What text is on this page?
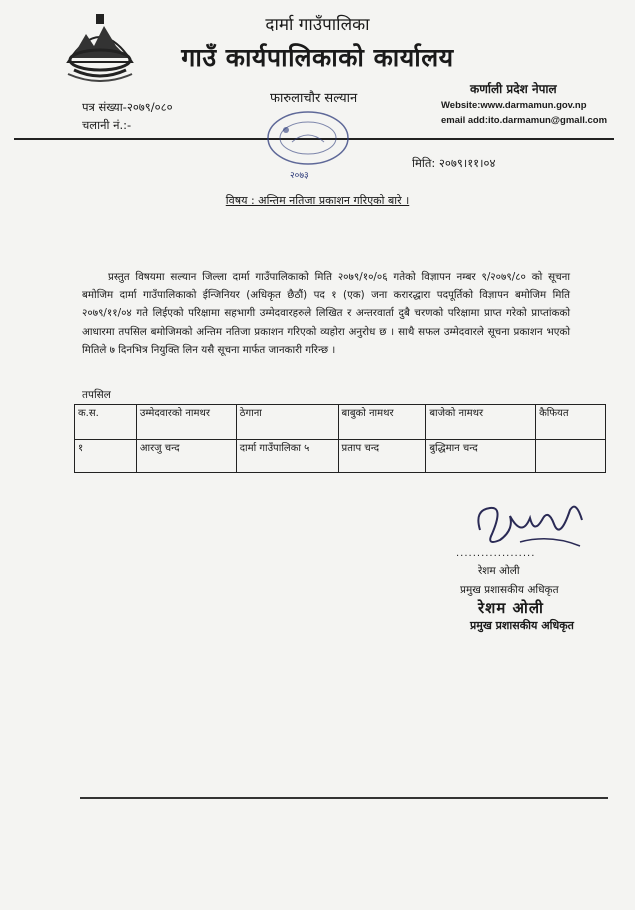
दार्मा गाउँपालिका
गाउँ कार्यपालिकाको कार्यालय
कर्णाली प्रदेश नेपाल
Website:www.darmamun.gov.np
email add:ito.darmamun@gmall.com
फारुलाचौर सल्यान
पत्र संख्या-२०७९/०८०
चलानी नं.:-
२०७३
मिति: २०७९।११।०४
विषय : अन्तिम नतिजा प्रकाशन गरिएको बारे ।
प्रस्तुत विषयमा सल्यान जिल्ला दार्मा गाउँपालिकाको मिति २०७९/१०/०६ गतेको विज्ञापन नम्बर ९/२०७९/८० को सूचना बमोजिम दार्मा गाउँपालिकाको ईन्जिनियर (अधिकृत छैठौं) पद १ (एक) जना करारद्धारा पदपूर्तिको विज्ञापन बमोजिम मिति २०७९/११/०४ गते लिईएको परिक्षामा सहभागी उम्मेदवारहरुले लिखित र अन्तरवार्ता दुबै चरणको परिक्षामा प्राप्त गरेको प्राप्तांकको आधारमा तपसिल बमोजिमको अन्तिम नतिजा प्रकाशन गरिएको व्यहोरा अनुरोध छ । साथै सफल उम्मेदवारले सूचना प्रकाशन भएको मितिले ७ दिनभित्र नियुक्ति लिन यसै सूचना मार्फत जानकारी गरिन्छ ।
तपसिल
क.स.	उम्मेदवारको नामथर	ठेगाना	बाबुको नामथर	बाजेको नामथर	कैफियत
१	आरजु चन्द	दार्मा गाउँपालिका ५	प्रताप चन्द	बुद्धिमान चन्द	
...................
रेशम ओली
प्रमुख प्रशासकीय अधिकृत
रेशम ओली
प्रमुख प्रशासकीय अधिकृत
